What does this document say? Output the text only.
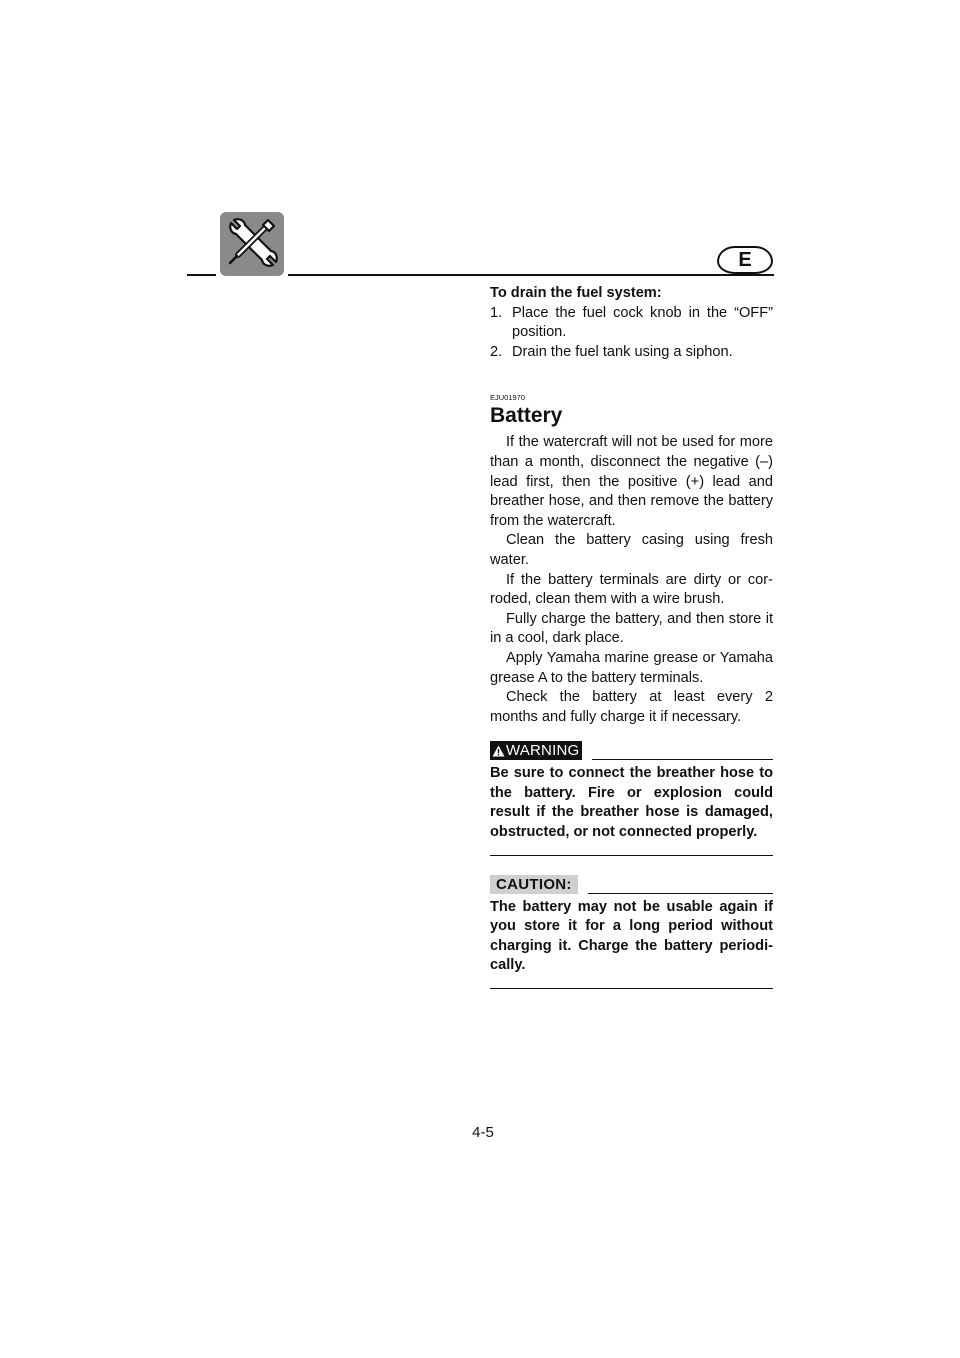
E

To drain the fuel system:

1. Place the fuel cock knob in the “OFF” position.
2. Drain the fuel tank using a siphon.
EJU01970
Battery

If the watercraft will not be used for more than a month, disconnect the negative (–) lead first, then the positive (+) lead and breather hose, and then remove the battery from the watercraft.

Clean the battery casing using fresh water.

If the battery terminals are dirty or cor- roded, clean them with a wire brush.

Fully charge the battery, and then store it in a cool, dark place.

Apply Yamaha marine grease or Yamaha grease A to the battery terminals.

Check the battery at least every 2 months and fully charge it if necessary.

WARNING
Be sure to connect the breather hose to the battery. Fire or explosion could result if the breather hose is damaged, obstructed, or not connected properly.
CAUTION:
The battery may not be usable again if you store it for a long period without charging it. Charge the battery periodi- cally.
4-5
